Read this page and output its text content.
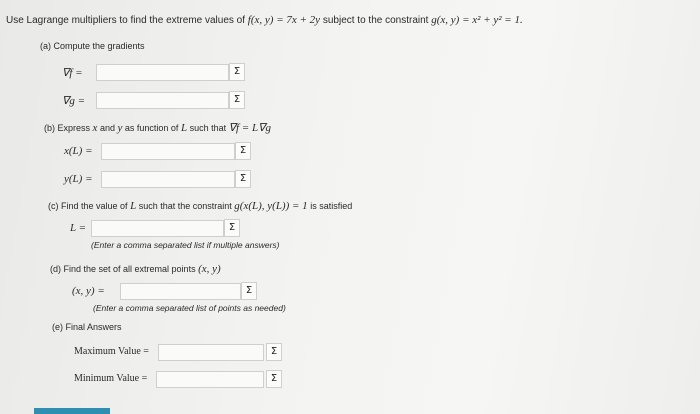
Use Lagrange multipliers to find the extreme values of f(x, y) = 7x + 2y subject to the constraint g(x, y) = x² + y² = 1.
(a) Compute the gradients
∇f =	Σ
∇g =	Σ
(b) Express x and y as function of L such that ∇f = L∇g
x(L) =	Σ
y(L) =	Σ
(c) Find the value of L such that the constraint g(x(L), y(L)) = 1 is satisfied
L =	Σ
(Enter a comma separated list if multiple answers)
(d) Find the set of all extremal points (x, y)
(x, y) =	Σ
(Enter a comma separated list of points as needed)
(e) Final Answers
Maximum Value =	Σ
Minimum Value =	Σ
